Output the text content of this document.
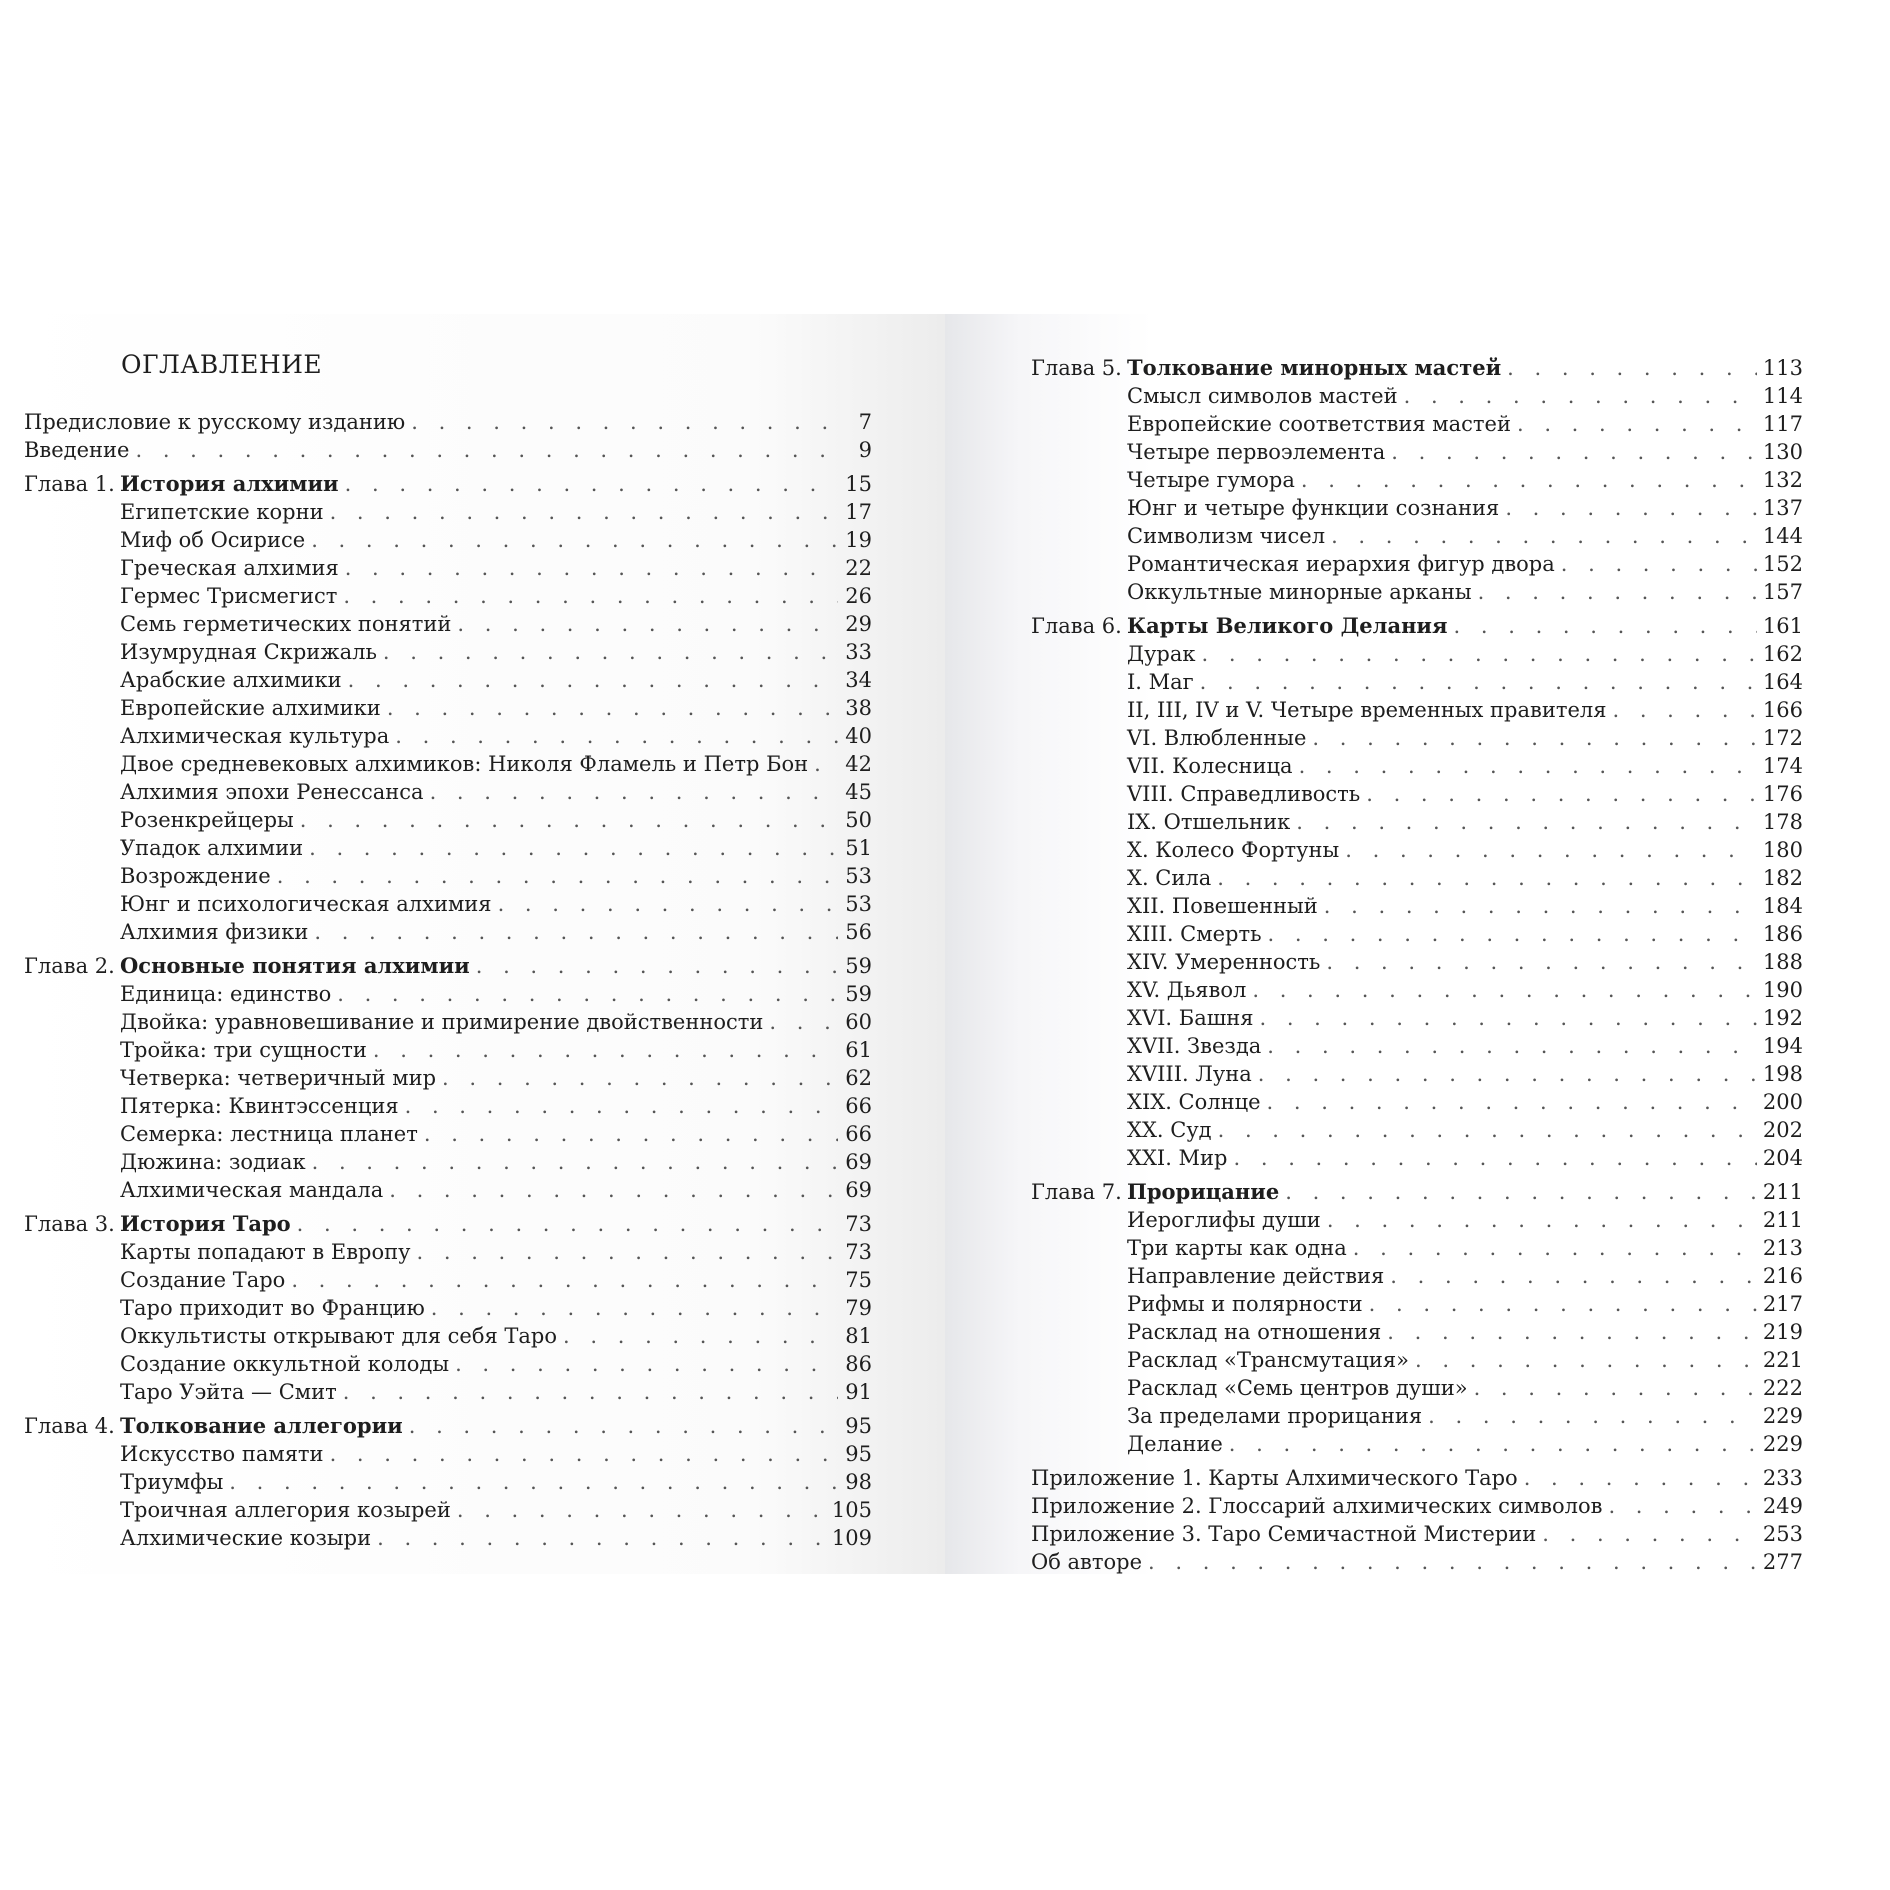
ОГЛАВЛЕНИЕ
Предисловие к русскому изданию . . .	7
Введение . . .	9
Глава 1. История алхимии . . .	15
Египетские корни . . .	17
Миф об Осирисе . . .	19
Греческая алхимия . . .	22
Гермес Трисмегист . . .	26
Семь герметических понятий . . .	29
Изумрудная Скрижаль . . .	33
Арабские алхимики . . .	34
Европейские алхимики . . .	38
Алхимическая культура . . .	40
Двое средневековых алхимиков: Николя Фламель и Петр Бон . . . 42
Алхимия эпохи Ренессанса . . .	45
Розенкрейцеры . . .	50
Упадок алхимии . . .	51
Возрождение . . .	53
Юнг и психологическая алхимия . . .	53
Алхимия физики . . .	56
Глава 2. Основные понятия алхимии . . .	59
Единица: единство . . .	59
Двойка: уравновешивание и примирение двойственности . . .	60
Тройка: три сущности . . .	61
Четверка: четверичный мир . . .	62
Пятерка: Квинтэссенция . . .	66
Семерка: лестница планет . . .	66
Дюжина: зодиак . . .	69
Алхимическая мандала . . .	69
Глава 3. История Таро . . .	73
Карты попадают в Европу . . .	73
Создание Таро . . .	75
Таро приходит во Францию . . .	79
Оккультисты открывают для себя Таро . . .	81
Создание оккультной колоды . . .	86
Таро Уэйта — Смит . . .	91
Глава 4. Толкование аллегории . . .	95
Искусство памяти . . .	95
Триумфы . . .	98
Троичная аллегория козырей . . .	105
Алхимические козыри . . .	109
Глава 5. Толкование минорных мастей . . .	113
Смысл символов мастей . . .	114
Европейские соответствия мастей . . .	117
Четыре первоэлемента . . .	130
Четыре гумора . . .	132
Юнг и четыре функции сознания . . .	137
Символизм чисел . . .	144
Романтическая иерархия фигур двора . . .	152
Оккультные минорные арканы . . .	157
Глава 6. Карты Великого Делания . . .	161
Дурак . . .	162
I. Маг . . .	164
II, III, IV и V. Четыре временных правителя . . .	166
VI. Влюбленные . . .	172
VII. Колесница . . .	174
VIII. Справедливость . . .	176
IX. Отшельник . . .	178
X. Колесо Фортуны . . .	180
X. Сила . . .	182
XII. Повешенный . . .	184
XIII. Смерть . . .	186
XIV. Умеренность . . .	188
XV. Дьявол . . .	190
XVI. Башня . . .	192
XVII. Звезда . . .	194
XVIII. Луна . . .	198
XIX. Солнце . . .	200
XX. Суд . . .	202
XXI. Мир . . .	204
Глава 7. Прорицание . . .	211
Иероглифы души . . .	211
Три карты как одна . . .	213
Направление действия . . .	216
Рифмы и полярности . . .	217
Расклад на отношения . . .	219
Расклад «Трансмутация» . . .	221
Расклад «Семь центров души» . . .	222
За пределами прорицания . . .	229
Делание . . .	229
Приложение 1. Карты Алхимического Таро . . .	233
Приложение 2. Глоссарий алхимических символов . . .	249
Приложение 3. Таро Семичастной Мистерии . . .	253
Об авторе . . .	277
